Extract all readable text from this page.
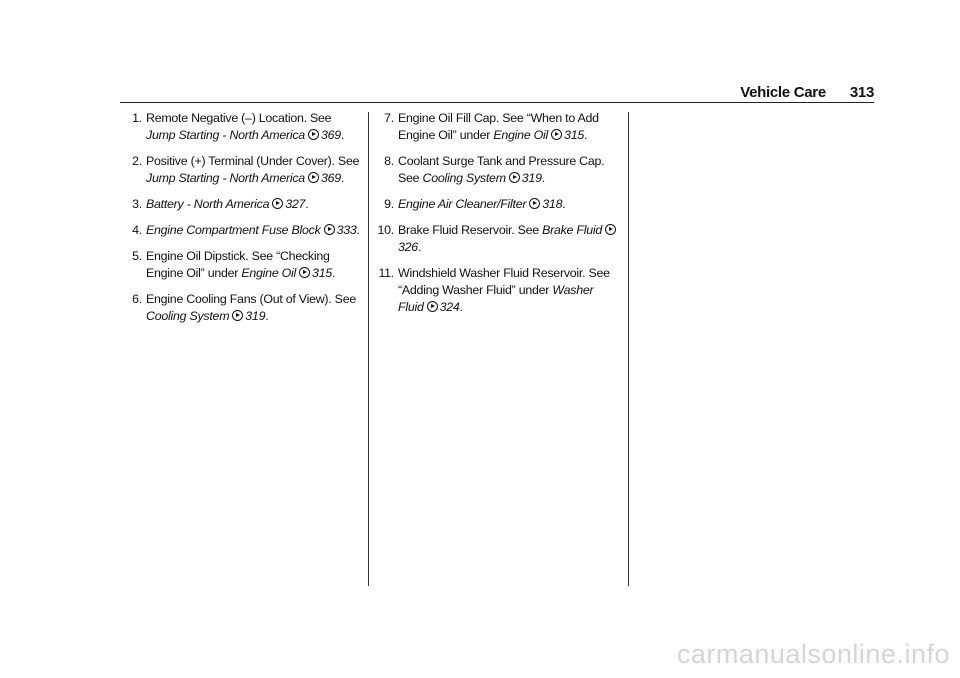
Vehicle Care 313
1. Remote Negative (–) Location. See Jump Starting - North America 369.
2. Positive (+) Terminal (Under Cover). See Jump Starting - North America 369.
3. Battery - North America 327.
4. Engine Compartment Fuse Block 333.
5. Engine Oil Dipstick. See “Checking Engine Oil” under Engine Oil 315.
6. Engine Cooling Fans (Out of View). See Cooling System 319.
7. Engine Oil Fill Cap. See “When to Add Engine Oil” under Engine Oil 315.
8. Coolant Surge Tank and Pressure Cap. See Cooling System 319.
9. Engine Air Cleaner/Filter 318.
10. Brake Fluid Reservoir. See Brake Fluid326.
11. Windshield Washer Fluid Reservoir. See “Adding Washer Fluid” under Washer Fluid 324.
carmanualsonline.info
